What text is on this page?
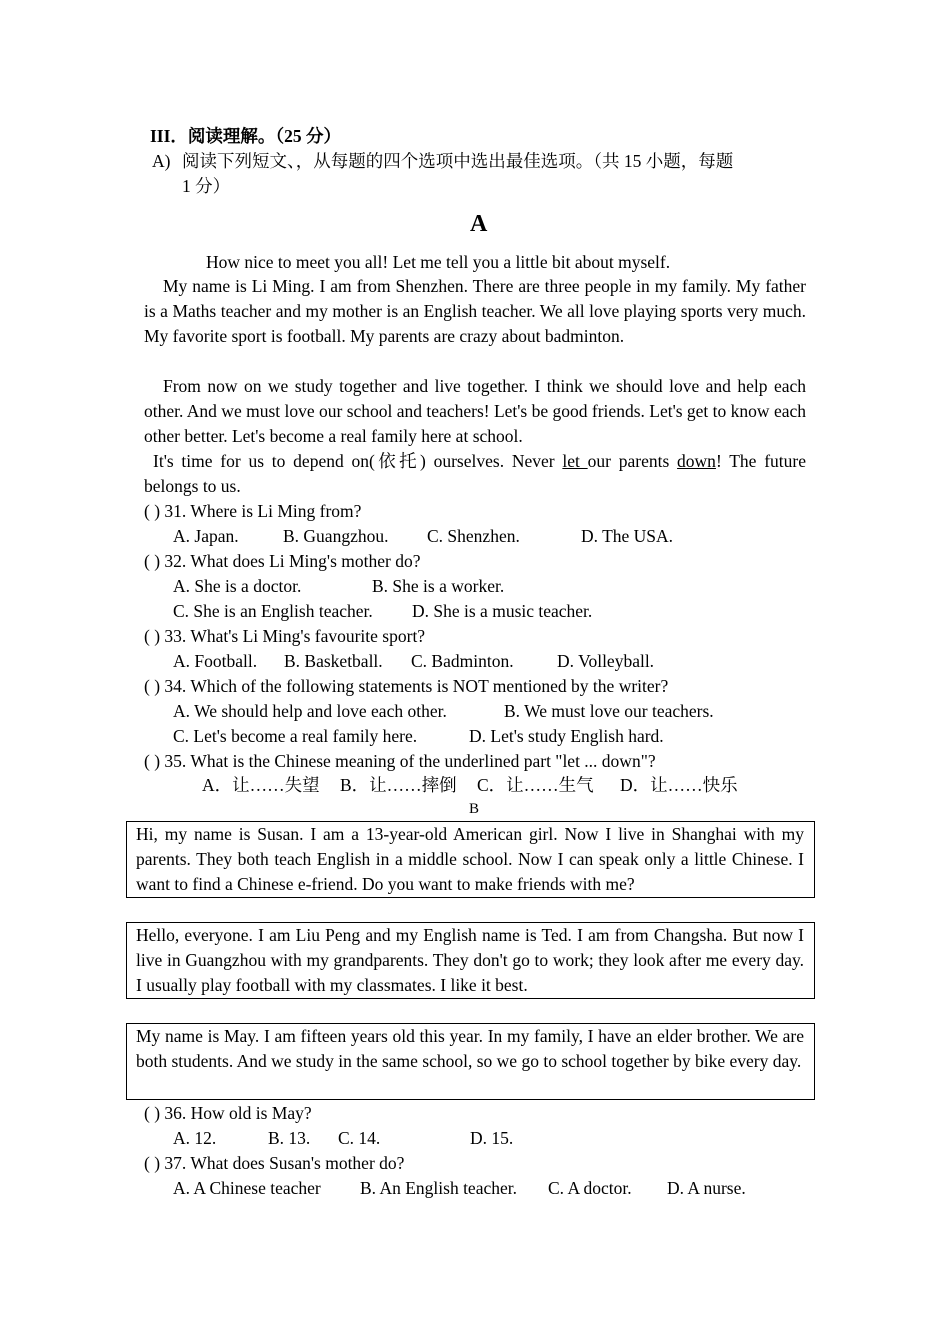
III．阅读理解。（25 分）
A) 阅读下列短文、，从每题的四个选项中选出最佳选项。（共 15 小题，每题
1 分）
A
How nice to meet you all! Let me tell you a little bit about myself.
My name is Li Ming. I am from Shenzhen. There are three people in my family. My father is a Maths teacher and my mother is an English teacher. We all love playing sports very much. My favorite sport is football. My parents are crazy about badminton.
From now on we study together and live together. I think we should love and help each other. And we must love our school and teachers! Let's be good friends. Let's get to know each other better. Let's become a real family here at school.
It's time for us to depend on(依托) ourselves. Never let our parents down! The future belongs to us.
( ) 31. Where is Li Ming from?
A. Japan.	B. Guangzhou. C. Shenzhen.	D. The USA.
( ) 32. What does Li Ming's mother do?
A. She is a doctor.	B. She is a worker.
C. She is an English teacher. D. She is a music teacher.
( ) 33. What's Li Ming's favourite sport?
A. Football. B. Basketball. C. Badminton. D. Volleyball.
( ) 34. Which of the following statements is NOT mentioned by the writer?
A. We should help and love each other.	B. We must love our teachers.
C. Let's become a real family here.	D. Let's study English hard.
( ) 35. What is the Chinese meaning of the underlined part "let ... down"?
A．让……失望 B．让……摔倒 C．让……生气 D．让……快乐
B
Hi, my name is Susan. I am a 13-year-old American girl. Now I live in Shanghai with my parents. They both teach English in a middle school. Now I can speak only a little Chinese. I want to find a Chinese e-friend. Do you want to make friends with me?
Hello, everyone. I am Liu Peng and my English name is Ted. I am from Changsha. But now I live in Guangzhou with my grandparents. They don't go to work; they look after me every day. I usually play football with my classmates. I like it best.
My name is May. I am fifteen years old this year. In my family, I have an elder brother. We are both students. And we study in the same school, so we go to school together by bike every day.
( ) 36. How old is May?
A. 12.	B. 13. C. 14.	D. 15.
( ) 37. What does Susan's mother do?
A. A Chinese teacher B. An English teacher. C. A doctor. D. A nurse.
